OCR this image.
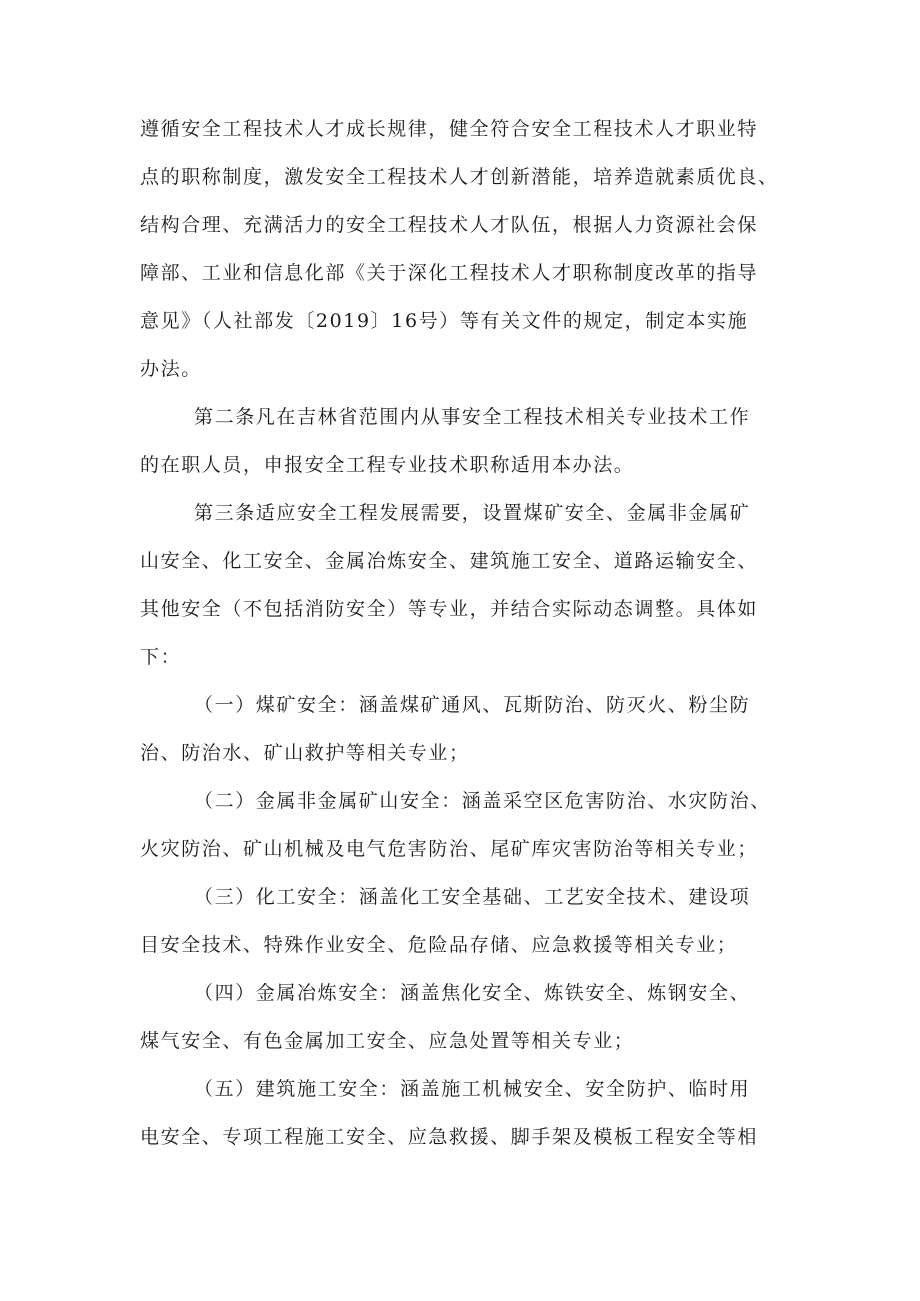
遵循安全工程技术人才成长规律，健全符合安全工程技术人才职业特
点的职称制度，激发安全工程技术人才创新潜能，培养造就素质优良、
结构合理、充满活力的安全工程技术人才队伍，根据人力资源社会保
障部、工业和信息化部《关于深化工程技术人才职称制度改革的指导
意见》（人社部发〔2019〕16号）等有关文件的规定，制定本实施
办法。
第二条凡在吉林省范围内从事安全工程技术相关专业技术工作
的在职人员，申报安全工程专业技术职称适用本办法。
第三条适应安全工程发展需要，设置煤矿安全、金属非金属矿
山安全、化工安全、金属冶炼安全、建筑施工安全、道路运输安全、
其他安全（不包括消防安全）等专业，并结合实际动态调整。具体如
下：
（一）煤矿安全：涵盖煤矿通风、瓦斯防治、防灭火、粉尘防
治、防治水、矿山救护等相关专业；
（二）金属非金属矿山安全：涵盖采空区危害防治、水灾防治、
火灾防治、矿山机械及电气危害防治、尾矿库灾害防治等相关专业；
（三）化工安全：涵盖化工安全基础、工艺安全技术、建设项
目安全技术、特殊作业安全、危险品存储、应急救援等相关专业；
（四）金属冶炼安全：涵盖焦化安全、炼铁安全、炼钢安全、
煤气安全、有色金属加工安全、应急处置等相关专业；
（五）建筑施工安全：涵盖施工机械安全、安全防护、临时用
电安全、专项工程施工安全、应急救援、脚手架及模板工程安全等相
